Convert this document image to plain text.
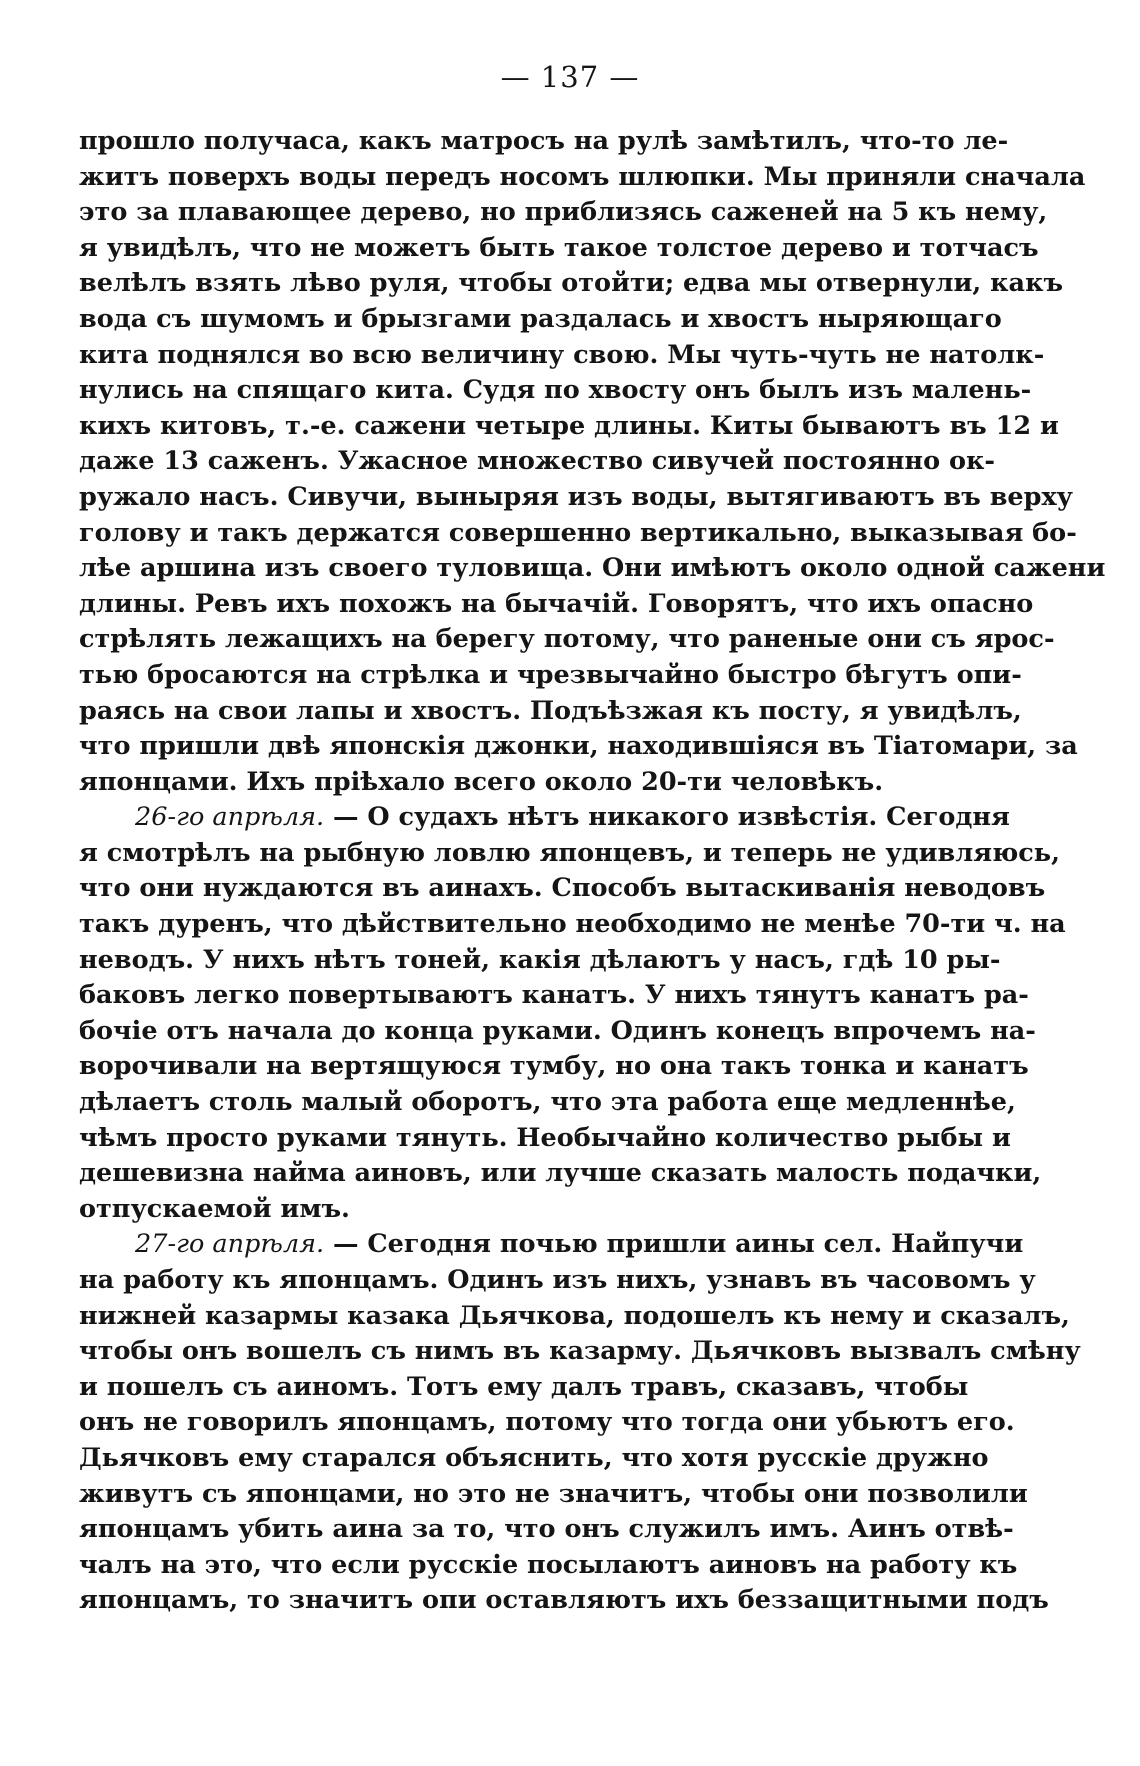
— 137 —
прошло получаса, какъ матросъ на рулѣ замѣтилъ, что-то ле-
житъ поверхъ воды передъ носомъ шлюпки. Мы приняли сначала
это за плавающее дерево, но приблизясь саженей на 5 къ нему,
я увидѣлъ, что не можетъ быть такое толстое дерево и тотчасъ
велѣлъ взять лѣво руля, чтобы отойти; едва мы отвернули, какъ
вода съ шумомъ и брызгами раздалась и хвостъ ныряющаго
кита поднялся во всю величину свою. Мы чуть-чуть не натолк-
нулись на спящаго кита. Судя по хвосту онъ былъ изъ малень-
кихъ китовъ, т.-е. сажени четыре длины. Киты бываютъ въ 12 и
даже 13 саженъ. Ужасное множество сивучей постоянно ок-
ружало насъ. Сивучи, выныряя изъ воды, вытягиваютъ въ верху
голову и такъ держатся совершенно вертикально, выказывая бо-
лѣе аршина изъ своего туловища. Они имѣютъ около одной сажени
длины. Ревъ ихъ похожъ на бычачій. Говорятъ, что ихъ опасно
стрѣлять лежащихъ на берегу потому, что раненые они съ ярос-
тью бросаются на стрѣлка и чрезвычайно быстро бѣгутъ опи-
раясь на свои лапы и хвостъ. Подъѣзжая къ посту, я увидѣлъ,
что пришли двѣ японскія джонки, находившіяся въ Тіатомари, за
японцами. Ихъ пріѣхало всего около 20-ти человѣкъ.
26-го апрѣля. — О судахъ нѣтъ никакого извѣстія. Сегодня
я смотрѣлъ на рыбную ловлю японцевъ, и теперь не удивляюсь,
что они нуждаются въ аинахъ. Способъ вытаскиванія неводовъ
такъ дуренъ, что дѣйствительно необходимо не менѣе 70-ти ч. на
неводъ. У нихъ нѣтъ тоней, какія дѣлаютъ у насъ, гдѣ 10 ры-
баковъ легко повертываютъ канатъ. У нихъ тянутъ канатъ ра-
бочіе отъ начала до конца руками. Одинъ конецъ впрочемъ на-
ворочивали на вертящуюся тумбу, но она такъ тонка и канатъ
дѣлаетъ столь малый оборотъ, что эта работа еще медленнѣе,
чѣмъ просто руками тянуть. Необычайно количество рыбы и
дешевизна найма аиновъ, или лучше сказать малость подачки,
отпускаемой имъ.
27-го апрѣля. — Сегодня почью пришли аины сел. Найпучи
на работу къ японцамъ. Одинъ изъ нихъ, узнавъ въ часовомъ у
нижней казармы казака Дьячкова, подошелъ къ нему и сказалъ,
чтобы онъ вошелъ съ нимъ въ казарму. Дьячковъ вызвалъ смѣну
и пошелъ съ аиномъ. Тотъ ему далъ травъ, сказавъ, чтобы
онъ не говорилъ японцамъ, потому что тогда они убьютъ его.
Дьячковъ ему старался объяснить, что хотя русскіе дружно
живутъ съ японцами, но это не значитъ, чтобы они позволили
японцамъ убить аина за то, что онъ служилъ имъ. Аинъ отвѣ-
чалъ на это, что если русскіе посылаютъ аиновъ на работу къ
японцамъ, то значитъ опи оставляютъ ихъ беззащитными подъ
